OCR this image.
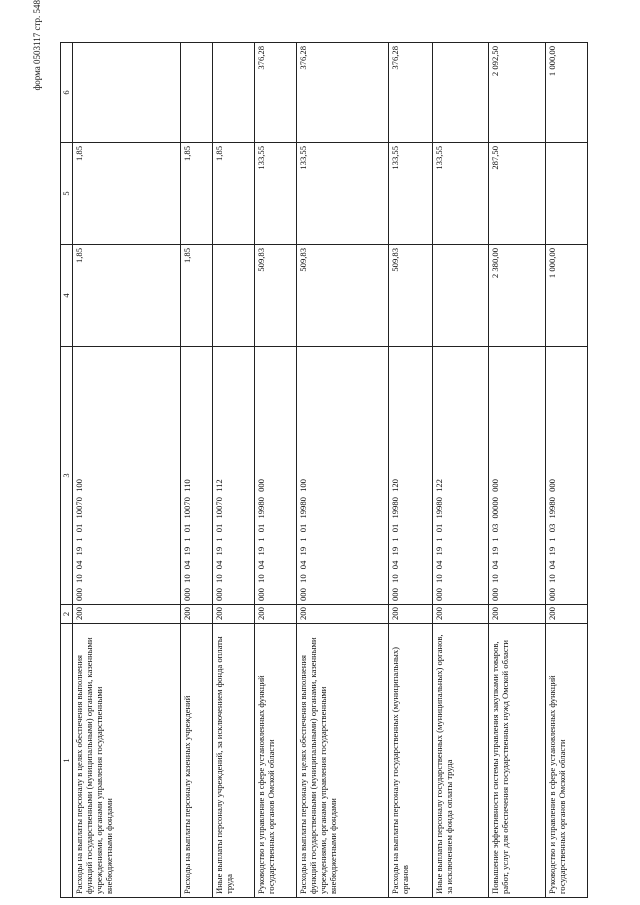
форма 0503117 стр. 548
1	2	3	4	5	6
Расходы на выплаты персоналу в целях обеспечения выполнения функций государственными (муниципальными) органами, казенными учреждениями, органами управления государственными внебюджетными фондами	200	000 10 04 19 1 01 10070 100	1,85	1,85	
Расходы на выплаты персоналу казенных учреждений	200	000 10 04 19 1 01 10070 110	1,85	1,85	
Иные выплаты персоналу учреждений, за исключением фонда оплаты труда	200	000 10 04 19 1 01 10070 112		1,85	
Руководство и управление в сфере установленных функций государственных органов Омской области	200	000 10 04 19 1 01 19980 000	509,83	133,55	376,28
Расходы на выплаты персоналу в целях обеспечения выполнения функций государственными (муниципальными) органами, казенными учреждениями, органами управления государственными внебюджетными фондами	200	000 10 04 19 1 01 19980 100	509,83	133,55	376,28
Расходы на выплаты персоналу государственных (муниципальных) органов	200	000 10 04 19 1 01 19980 120	509,83	133,55	376,28
Иные выплаты персоналу государственных (муниципальных) органов, за исключением фонда оплаты труда	200	000 10 04 19 1 01 19980 122		133,55	
Повышение эффективности системы управления закупками товаров, работ, услуг для обеспечения государственных нужд Омской области	200	000 10 04 19 1 03 00000 000	2 380,00	287,50	2 092,50
Руководство и управление в сфере установленных функций государственных органов Омской области	200	000 10 04 19 1 03 19980 000	1 000,00		1 000,00
